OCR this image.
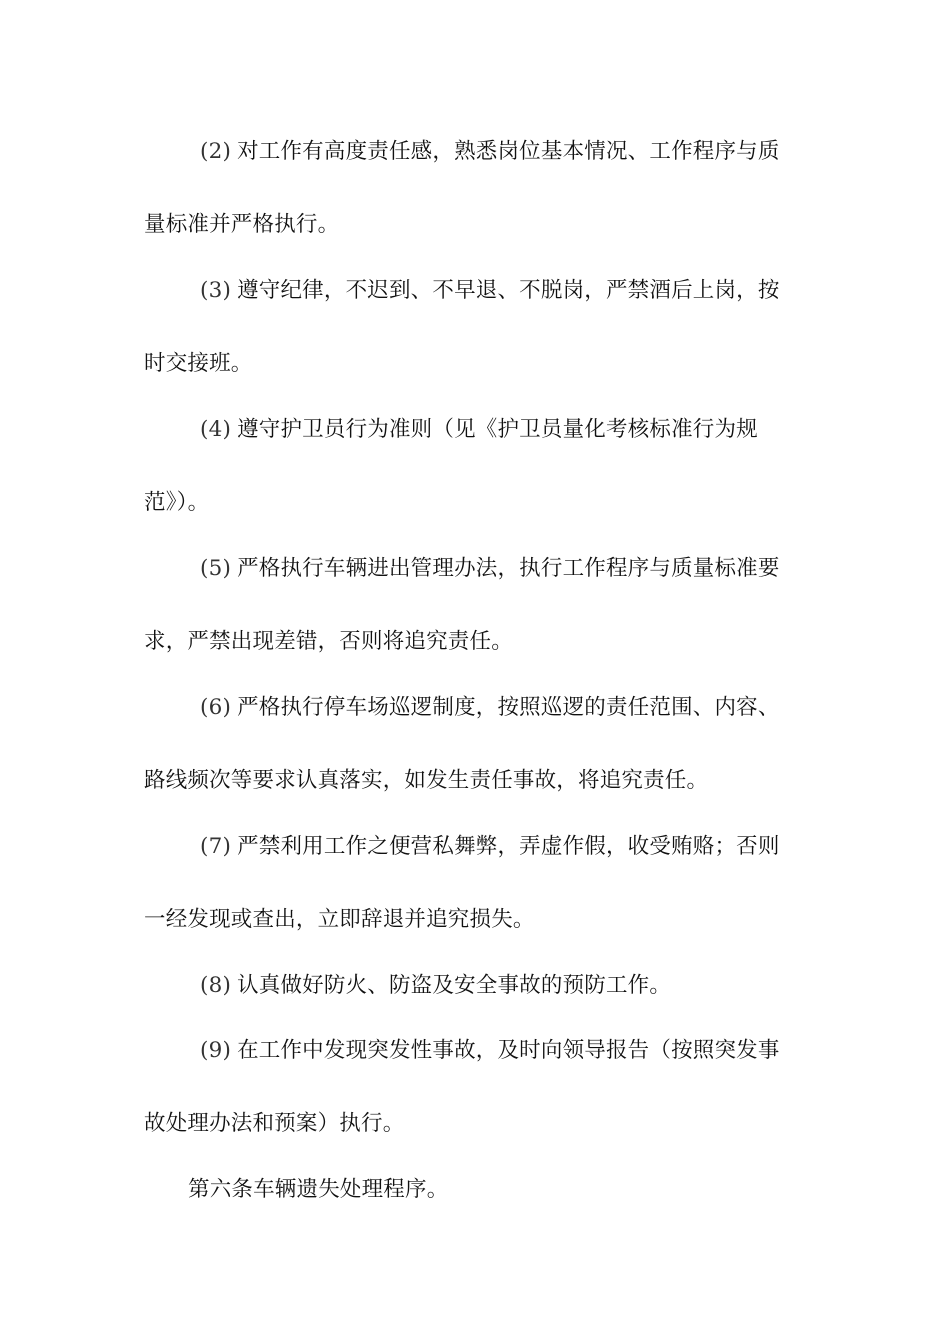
(2) 对工作有高度责任感，熟悉岗位基本情况、工作程序与质
量标准并严格执行。
(3) 遵守纪律，不迟到、不早退、不脱岗，严禁酒后上岗，按
时交接班。
(4) 遵守护卫员行为准则（见《护卫员量化考核标准行为规
范》）。
(5) 严格执行车辆进出管理办法，执行工作程序与质量标准要
求，严禁出现差错，否则将追究责任。
(6) 严格执行停车场巡逻制度，按照巡逻的责任范围、内容、
路线频次等要求认真落实，如发生责任事故，将追究责任。
(7) 严禁利用工作之便营私舞弊，弄虚作假，收受贿赂；否则
一经发现或查出，立即辞退并追究损失。
(8) 认真做好防火、防盗及安全事故的预防工作。
(9) 在工作中发现突发性事故，及时向领导报告（按照突发事
故处理办法和预案）执行。
第六条车辆遗失处理程序。
